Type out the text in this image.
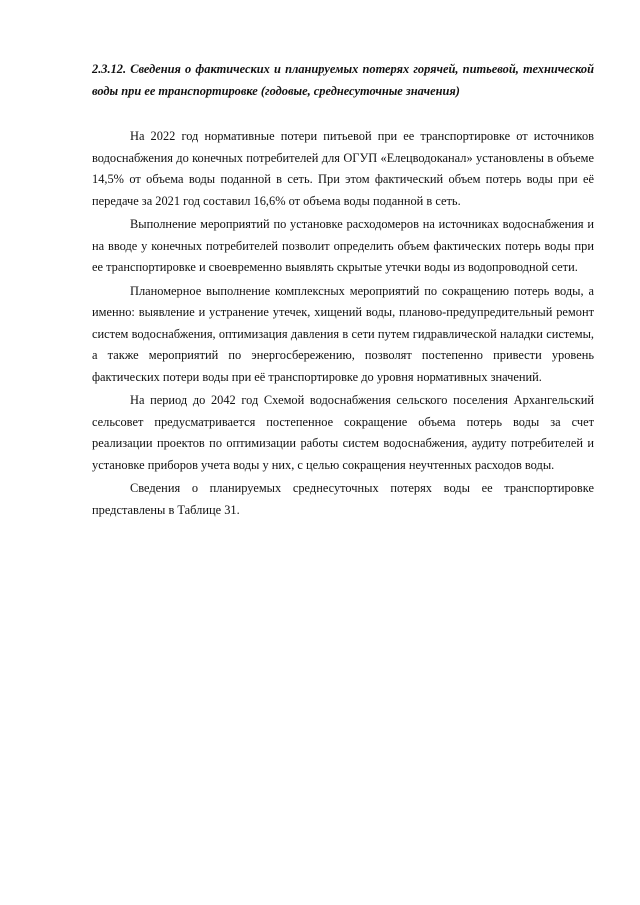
2.3.12. Сведения о фактических и планируемых потерях горячей, питьевой, технической воды при ее транспортировке (годовые, среднесуточные значения)

На 2022 год нормативные потери питьевой при ее транспортировке от источников водоснабжения до конечных потребителей для ОГУП «Елецводоканал» установлены в объеме 14,5% от объема воды поданной в сеть. При этом фактический объем потерь воды при её передаче за 2021 год составил 16,6% от объема воды поданной в сеть.

Выполнение мероприятий по установке расходомеров на источниках водоснабжения и на вводе у конечных потребителей позволит определить объем фактических потерь воды при ее транспортировке и своевременно выявлять скрытые утечки воды из водопроводной сети.

Планомерное выполнение комплексных мероприятий по сокращению потерь воды, а именно: выявление и устранение утечек, хищений воды, планово-предупредительный ремонт систем водоснабжения, оптимизация давления в сети путем гидравлической наладки системы, а также мероприятий по энергосбережению, позволят постепенно привести уровень фактических потери воды при её транспортировке до уровня нормативных значений.

На период до 2042 год Схемой водоснабжения сельского поселения Архангельский сельсовет предусматривается постепенное сокращение объема потерь воды за счет реализации проектов по оптимизации работы систем водоснабжения, аудиту потребителей и установке приборов учета воды у них, с целью сокращения неучтенных расходов воды.

Сведения о планируемых среднесуточных потерях воды ее транспортировке представлены в Таблице 31.
